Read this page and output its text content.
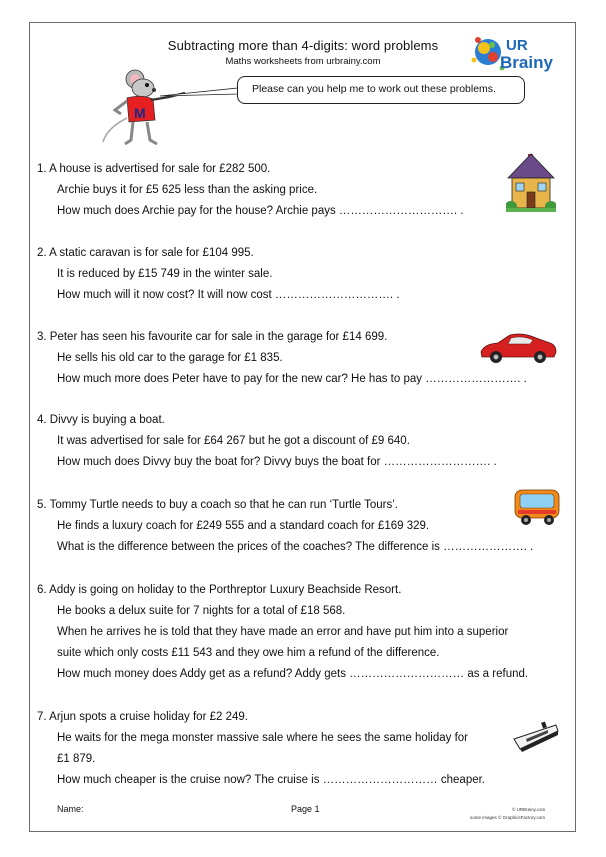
Subtracting more than 4-digits: word problems
Maths worksheets from urbrainy.com
UR
Brainy
M
Please can you help me to work out these problems.
1. A house is advertised for sale for £282 500.
Archie buys it for £5 625 less than the asking price.
How much does Archie pay for the house? Archie pays …………………………. .
2. A static caravan is for sale for £104 995.
It is reduced by £15 749 in the winter sale.
How much will it now cost? It will now cost …………………………. .
3. Peter has seen his favourite car for sale in the garage for £14 699.
He sells his old car to the garage for £1 835.
How much more does Peter have to pay for the new car? He has to pay ……………………. .
4. Divvy is buying a boat.
It was advertised for sale for £64 267 but he got a discount of £9 640.
How much does Divvy buy the boat for? Divvy buys the boat for ………………………. .
5. Tommy Turtle needs to buy a coach so that he can run ‘Turtle Tours’.
He finds a luxury coach for £249 555 and a standard coach for £169 329.
What is the difference between the prices of the coaches? The difference is …………………. .
6. Addy is going on holiday to the Porthreptor Luxury Beachside Resort.
He books a delux suite for 7 nights for a total of £18 568.
When he arrives he is told that they have made an error and have put him into a superior
suite which only costs £11 543 and they owe him a refund of the difference.
How much money does Addy get as a refund? Addy gets ………………………… as a refund.
7. Arjun spots a cruise holiday for £2 249.
He waits for the mega monster massive sale where he sees the same holiday for
£1 879.
How much cheaper is the cruise now? The cruise is ………………………… cheaper.
Name:	Page 1	© URBrainy.com
some images © GraphicsFactory.com
